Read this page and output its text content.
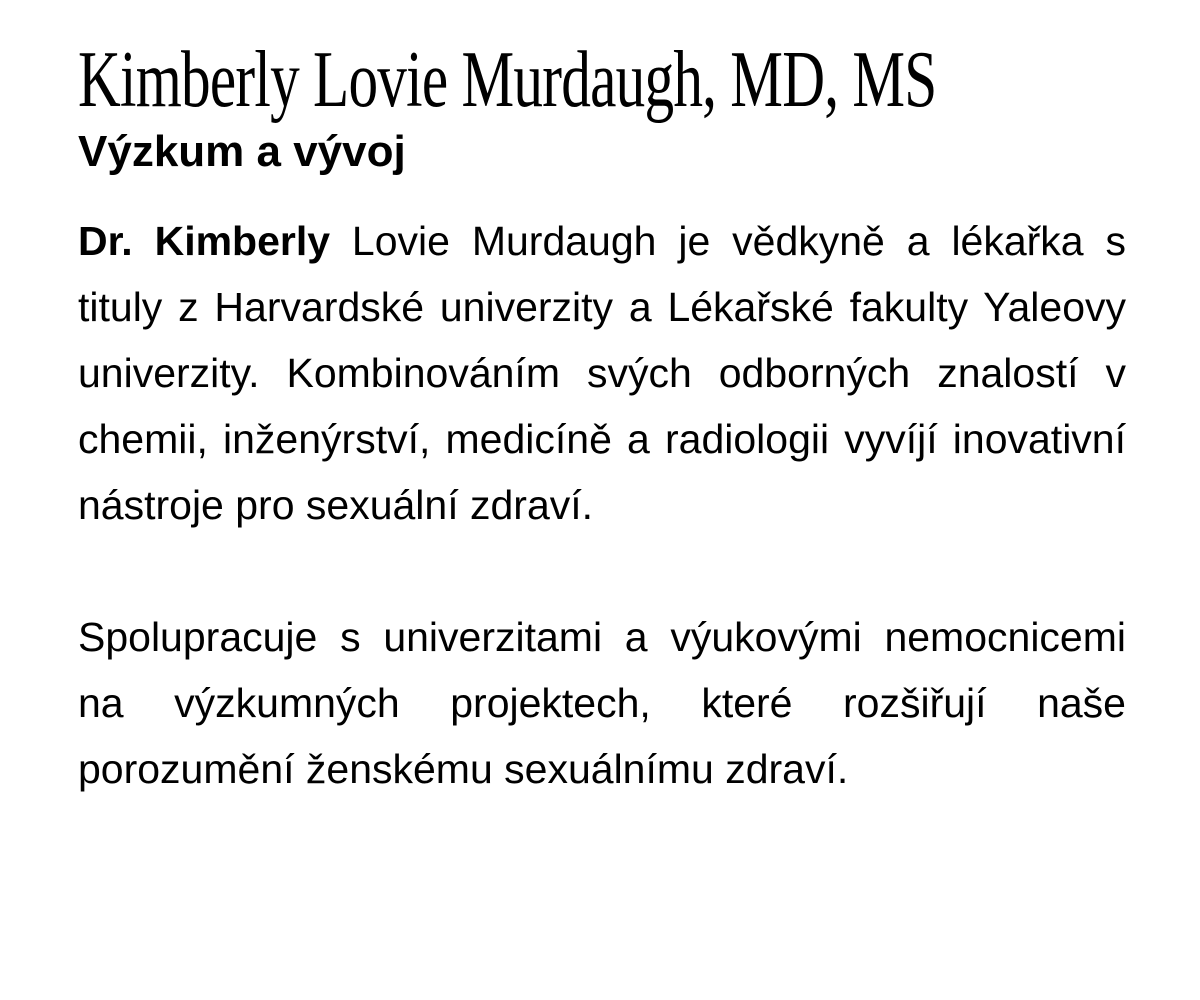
Kimberly Lovie Murdaugh, MD, MS
Výzkum a vývoj

Dr. Kimberly Lovie Murdaugh je vědkyně a lékařka s tituly z Harvardské univerzity a Lékařské fakulty Yaleovy univerzity. Kombinováním svých odborných znalostí v chemii, inženýrství, medicíně a radiologii vyvíjí inovativní nástroje pro sexuální zdraví.

Spolupracuje s univerzitami a výukovými nemocnicemi na výzkumných projektech, které rozšiřují naše porozumění ženskému sexuálnímu zdraví.
